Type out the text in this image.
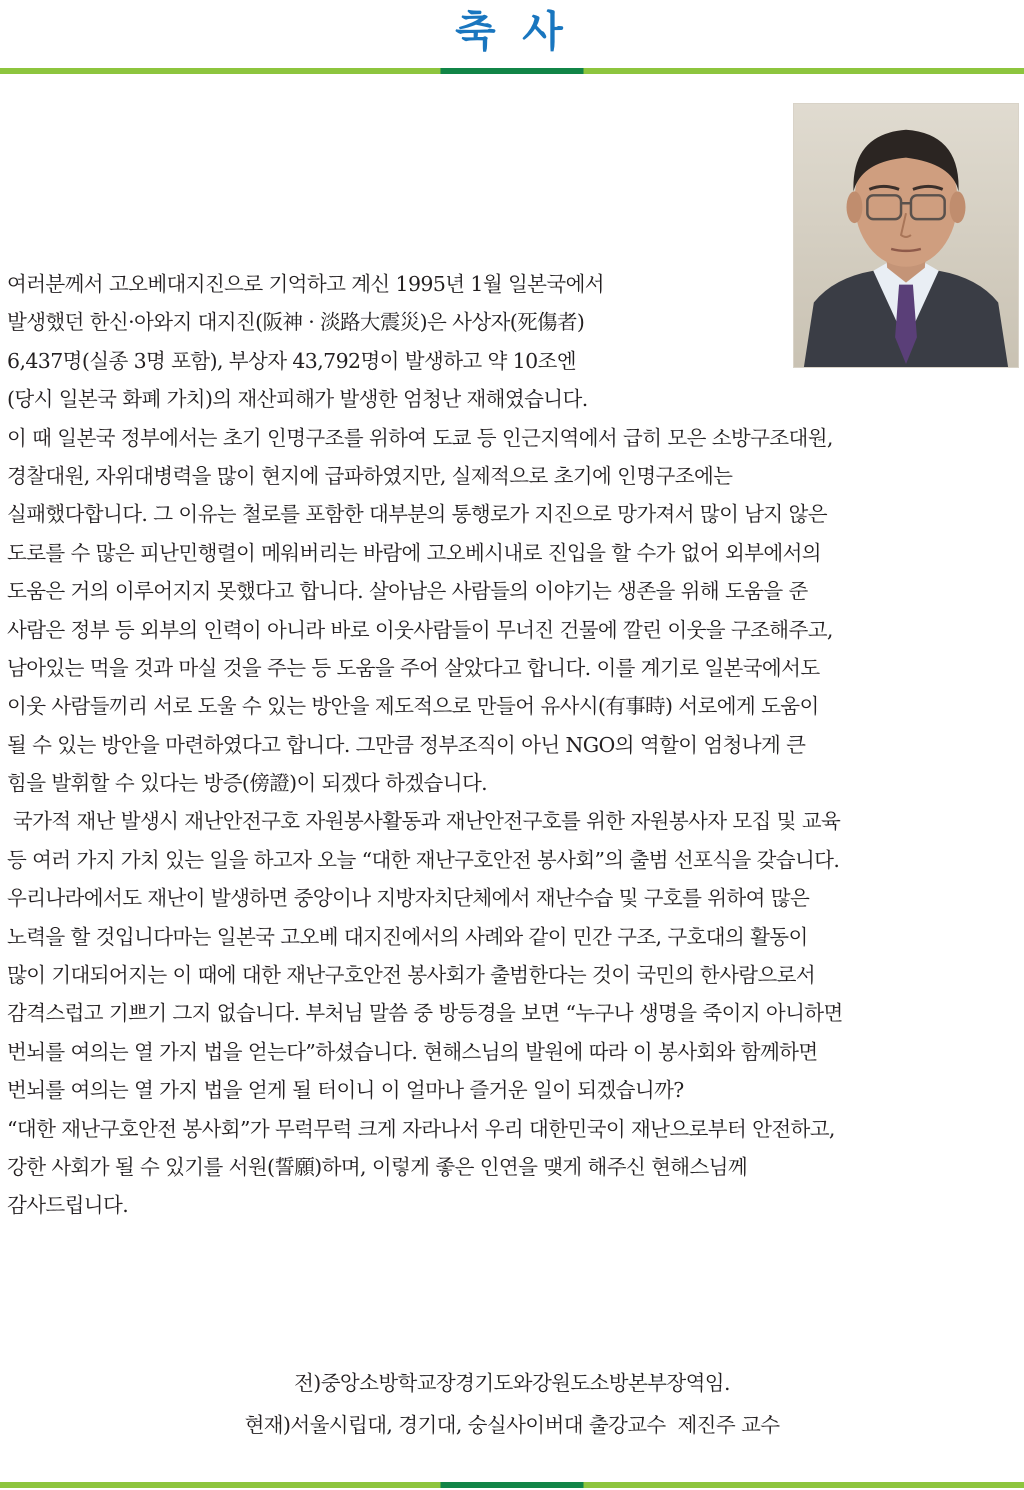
축 사
여러분께서 고오베대지진으로 기억하고 계신 1995년 1월 일본국에서
발생했던 한신·아와지 대지진(阪神 · 淡路大震災)은 사상자(死傷者)
6,437명(실종 3명 포함), 부상자 43,792명이 발생하고 약 10조엔
(당시 일본국 화폐 가치)의 재산피해가 발생한 엄청난 재해였습니다.
이 때 일본국 정부에서는 초기 인명구조를 위하여 도쿄 등 인근지역에서 급히 모은 소방구조대원,
경찰대원, 자위대병력을 많이 현지에 급파하였지만, 실제적으로 초기에 인명구조에는
실패했다합니다. 그 이유는 철로를 포함한 대부분의 통행로가 지진으로 망가져서 많이 남지 않은
도로를 수 많은 피난민행렬이 메워버리는 바람에 고오베시내로 진입을 할 수가 없어 외부에서의
도움은 거의 이루어지지 못했다고 합니다. 살아남은 사람들의 이야기는 생존을 위해 도움을 준
사람은 정부 등 외부의 인력이 아니라 바로 이웃사람들이 무너진 건물에 깔린 이웃을 구조해주고,
남아있는 먹을 것과 마실 것을 주는 등 도움을 주어 살았다고 합니다. 이를 계기로 일본국에서도
이웃 사람들끼리 서로 도울 수 있는 방안을 제도적으로 만들어 유사시(有事時) 서로에게 도움이
될 수 있는 방안을 마련하였다고 합니다. 그만큼 정부조직이 아닌 NGO의 역할이 엄청나게 큰
힘을 발휘할 수 있다는 방증(傍證)이 되겠다 하겠습니다.
국가적 재난 발생시 재난안전구호 자원봉사활동과 재난안전구호를 위한 자원봉사자 모집 및 교육
등 여러 가지 가치 있는 일을 하고자 오늘 “대한 재난구호안전 봉사회”의 출범 선포식을 갖습니다.
우리나라에서도 재난이 발생하면 중앙이나 지방자치단체에서 재난수습 및 구호를 위하여 많은
노력을 할 것입니다마는 일본국 고오베 대지진에서의 사례와 같이 민간 구조, 구호대의 활동이
많이 기대되어지는 이 때에 대한 재난구호안전 봉사회가 출범한다는 것이 국민의 한사람으로서
감격스럽고 기쁘기 그지 없습니다. 부처님 말씀 중 방등경을 보면 “누구나 생명을 죽이지 아니하면
번뇌를 여의는 열 가지 법을 얻는다”하셨습니다. 현해스님의 발원에 따라 이 봉사회와 함께하면
번뇌를 여의는 열 가지 법을 얻게 될 터이니 이 얼마나 즐거운 일이 되겠습니까?
“대한 재난구호안전 봉사회”가 무럭무럭 크게 자라나서 우리 대한민국이 재난으로부터 안전하고,
강한 사회가 될 수 있기를 서원(誓願)하며, 이렇게 좋은 인연을 맺게 해주신 현해스님께
감사드립니다.
전)중앙소방학교장경기도와강원도소방본부장역임.
현재)서울시립대, 경기대, 숭실사이버대 출강교수  제진주 교수
